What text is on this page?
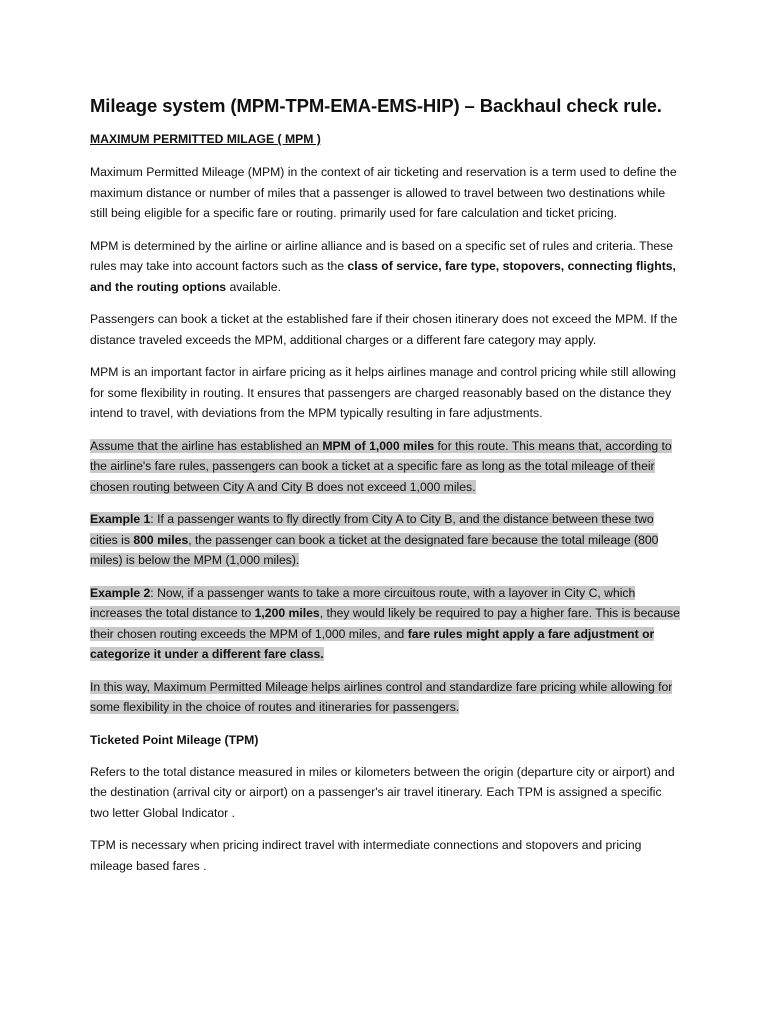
Mileage system (MPM-TPM-EMA-EMS-HIP) – Backhaul check rule.
MAXIMUM PERMITTED MILAGE ( MPM )

Maximum Permitted Mileage (MPM) in the context of air ticketing and reservation is a term used to define the maximum distance or number of miles that a passenger is allowed to travel between two destinations while still being eligible for a specific fare or routing. primarily used for fare calculation and ticket pricing.

MPM is determined by the airline or airline alliance and is based on a specific set of rules and criteria. These rules may take into account factors such as the class of service, fare type, stopovers, connecting flights, and the routing options available.

Passengers can book a ticket at the established fare if their chosen itinerary does not exceed the MPM. If the distance traveled exceeds the MPM, additional charges or a different fare category may apply.

MPM is an important factor in airfare pricing as it helps airlines manage and control pricing while still allowing for some flexibility in routing. It ensures that passengers are charged reasonably based on the distance they intend to travel, with deviations from the MPM typically resulting in fare adjustments.

Assume that the airline has established an MPM of 1,000 miles for this route. This means that, according to the airline's fare rules, passengers can book a ticket at a specific fare as long as the total mileage of their chosen routing between City A and City B does not exceed 1,000 miles.

Example 1: If a passenger wants to fly directly from City A to City B, and the distance between these two cities is 800 miles, the passenger can book a ticket at the designated fare because the total mileage (800 miles) is below the MPM (1,000 miles).

Example 2: Now, if a passenger wants to take a more circuitous route, with a layover in City C, which increases the total distance to 1,200 miles, they would likely be required to pay a higher fare. This is because their chosen routing exceeds the MPM of 1,000 miles, and fare rules might apply a fare adjustment or categorize it under a different fare class.

In this way, Maximum Permitted Mileage helps airlines control and standardize fare pricing while allowing for some flexibility in the choice of routes and itineraries for passengers.

Ticketed Point Mileage (TPM)

Refers to the total distance measured in miles or kilometers between the origin (departure city or airport) and the destination (arrival city or airport) on a passenger's air travel itinerary. Each TPM is assigned a specific two letter Global Indicator .

TPM is necessary when pricing indirect travel with intermediate connections and stopovers and pricing mileage based fares .
